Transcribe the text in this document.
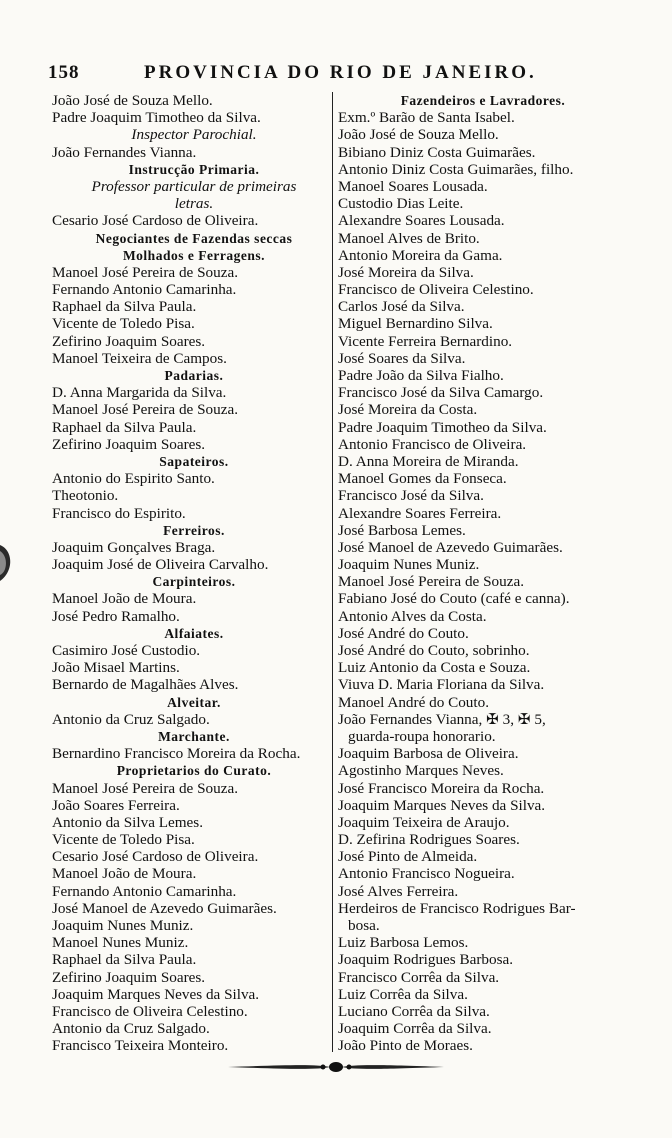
158	PROVINCIA DO RIO DE JANEIRO.
João José de Souza Mello.
Padre Joaquim Timotheo da Silva.
Inspector Parochial.
João Fernandes Vianna.
Instrucção Primaria.
Professor particular de primeiras
letras.
Cesario José Cardoso de Oliveira.
Negociantes de Fazendas seccas
Molhados e Ferragens.
Manoel José Pereira de Souza.
Fernando Antonio Camarinha.
Raphael da Silva Paula.
Vicente de Toledo Pisa.
Zefirino Joaquim Soares.
Manoel Teixeira de Campos.
Padarias.
D. Anna Margarida da Silva.
Manoel José Pereira de Souza.
Raphael da Silva Paula.
Zefirino Joaquim Soares.
Sapateiros.
Antonio do Espirito Santo.
Theotonio.
Francisco do Espirito.
Ferreiros.
Joaquim Gonçalves Braga.
Joaquim José de Oliveira Carvalho.
Carpinteiros.
Manoel João de Moura.
José Pedro Ramalho.
Alfaiates.
Casimiro José Custodio.
João Misael Martins.
Bernardo de Magalhães Alves.
Alveitar.
Antonio da Cruz Salgado.
Marchante.
Bernardino Francisco Moreira da Rocha.
Proprietarios do Curato.
Manoel José Pereira de Souza.
João Soares Ferreira.
Antonio da Silva Lemes.
Vicente de Toledo Pisa.
Cesario José Cardoso de Oliveira.
Manoel João de Moura.
Fernando Antonio Camarinha.
José Manoel de Azevedo Guimarães.
Joaquim Nunes Muniz.
Manoel Nunes Muniz.
Raphael da Silva Paula.
Zefirino Joaquim Soares.
Joaquim Marques Neves da Silva.
Francisco de Oliveira Celestino.
Antonio da Cruz Salgado.
Francisco Teixeira Monteiro.
Fazendeiros e Lavradores.
Exm.º Barão de Santa Isabel.
João José de Souza Mello.
Bibiano Diniz Costa Guimarães.
Antonio Diniz Costa Guimarães, filho.
Manoel Soares Lousada.
Custodio Dias Leite.
Alexandre Soares Lousada.
Manoel Alves de Brito.
Antonio Moreira da Gama.
José Moreira da Silva.
Francisco de Oliveira Celestino.
Carlos José da Silva.
Miguel Bernardino Silva.
Vicente Ferreira Bernardino.
José Soares da Silva.
Padre João da Silva Fialho.
Francisco José da Silva Camargo.
José Moreira da Costa.
Padre Joaquim Timotheo da Silva.
Antonio Francisco de Oliveira.
D. Anna Moreira de Miranda.
Manoel Gomes da Fonseca.
Francisco José da Silva.
Alexandre Soares Ferreira.
José Barbosa Lemes.
José Manoel de Azevedo Guimarães.
Joaquim Nunes Muniz.
Manoel José Pereira de Souza.
Fabiano José do Couto (café e canna).
Antonio Alves da Costa.
José André do Couto.
José André do Couto, sobrinho.
Luiz Antonio da Costa e Souza.
Viuva D. Maria Floriana da Silva.
Manoel André do Couto.
João Fernandes Vianna, ✠ 3, ✠ 5,
guarda-roupa honorario.
Joaquim Barbosa de Oliveira.
Agostinho Marques Neves.
José Francisco Moreira da Rocha.
Joaquim Marques Neves da Silva.
Joaquim Teixeira de Araujo.
D. Zefirina Rodrigues Soares.
José Pinto de Almeida.
Antonio Francisco Nogueira.
José Alves Ferreira.
Herdeiros de Francisco Rodrigues Bar-
bosa.
Luiz Barbosa Lemos.
Joaquim Rodrigues Barbosa.
Francisco Corrêa da Silva.
Luiz Corrêa da Silva.
Luciano Corrêa da Silva.
Joaquim Corrêa da Silva.
João Pinto de Moraes.
